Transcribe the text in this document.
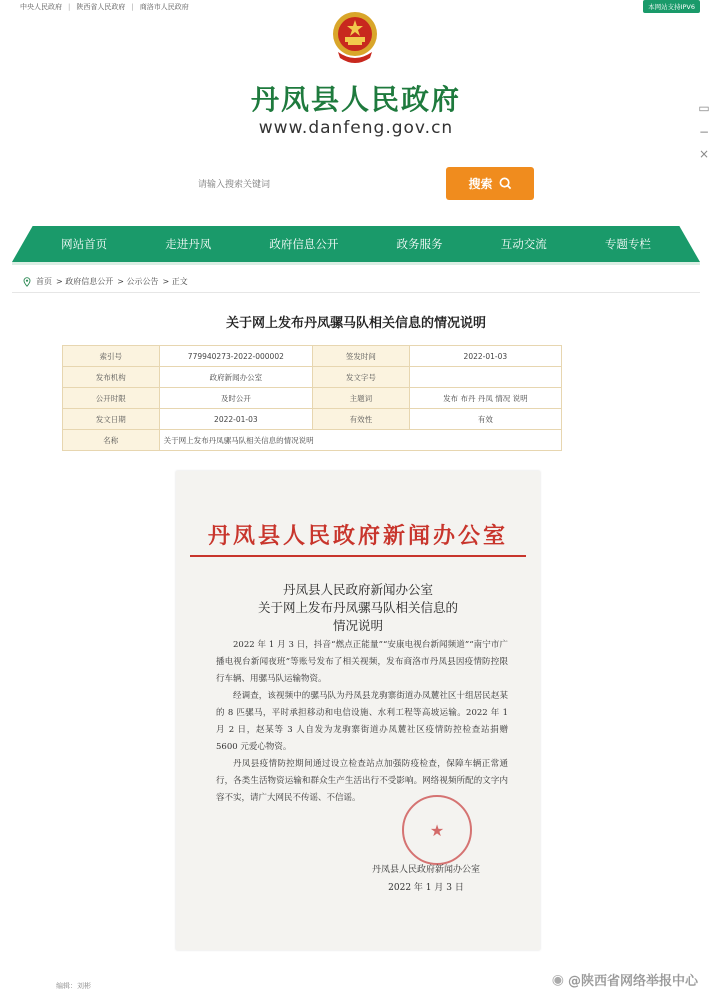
中央人民政府 | 陕西省人民政府 | 商洛市人民政府	本网站支持IPV6
丹凤县人民政府
www.danfeng.gov.cn
请输入搜索关键词
搜索
▭
−
×
网站首页	走进丹凤	政府信息公开	政务服务	互动交流	专题专栏
首页 > 政府信息公开 > 公示公告 > 正文
关于网上发布丹凤骡马队相关信息的情况说明
索引号	779940273-2022-000002	签发时间	2022-01-03
发布机构	政府新闻办公室	发文字号	
公开时限	及时公开	主题词	发布 布丹 丹凤 情况 说明
发文日期	2022-01-03	有效性	有效
名称	关于网上发布丹凤骡马队相关信息的情况说明		
丹凤县人民政府新闻办公室
丹凤县人民政府新闻办公室
关于网上发布丹凤骡马队相关信息的
情况说明

2022 年 1 月 3 日，抖音“燃点正能量”“安康电视台新闻频道”“南宁市广播电视台新闻夜班”等账号发布了相关视频，发布商洛市丹凤县因疫情防控限行车辆、用骡马队运输物资。

经调查，该视频中的骡马队为丹凤县龙驹寨街道办凤麓社区十组居民赵某的 8 匹骡马，平时承担移动和电信设施、水利工程等高坡运输。2022 年 1 月 2 日，赵某等 3 人自发为龙驹寨街道办凤麓社区疫情防控检查站捐赠 5600 元爱心物资。

丹凤县疫情防控期间通过设立检查站点加强防疫检查，保障车辆正常通行，各类生活物资运输和群众生产生活出行不受影响。网络视频所配的文字内容不实，请广大网民不传谣、不信谣。

★
丹凤县人民政府新闻办公室
2022 年 1 月 3 日
编辑：刘彬	◉ @陕西省网络举报中心
